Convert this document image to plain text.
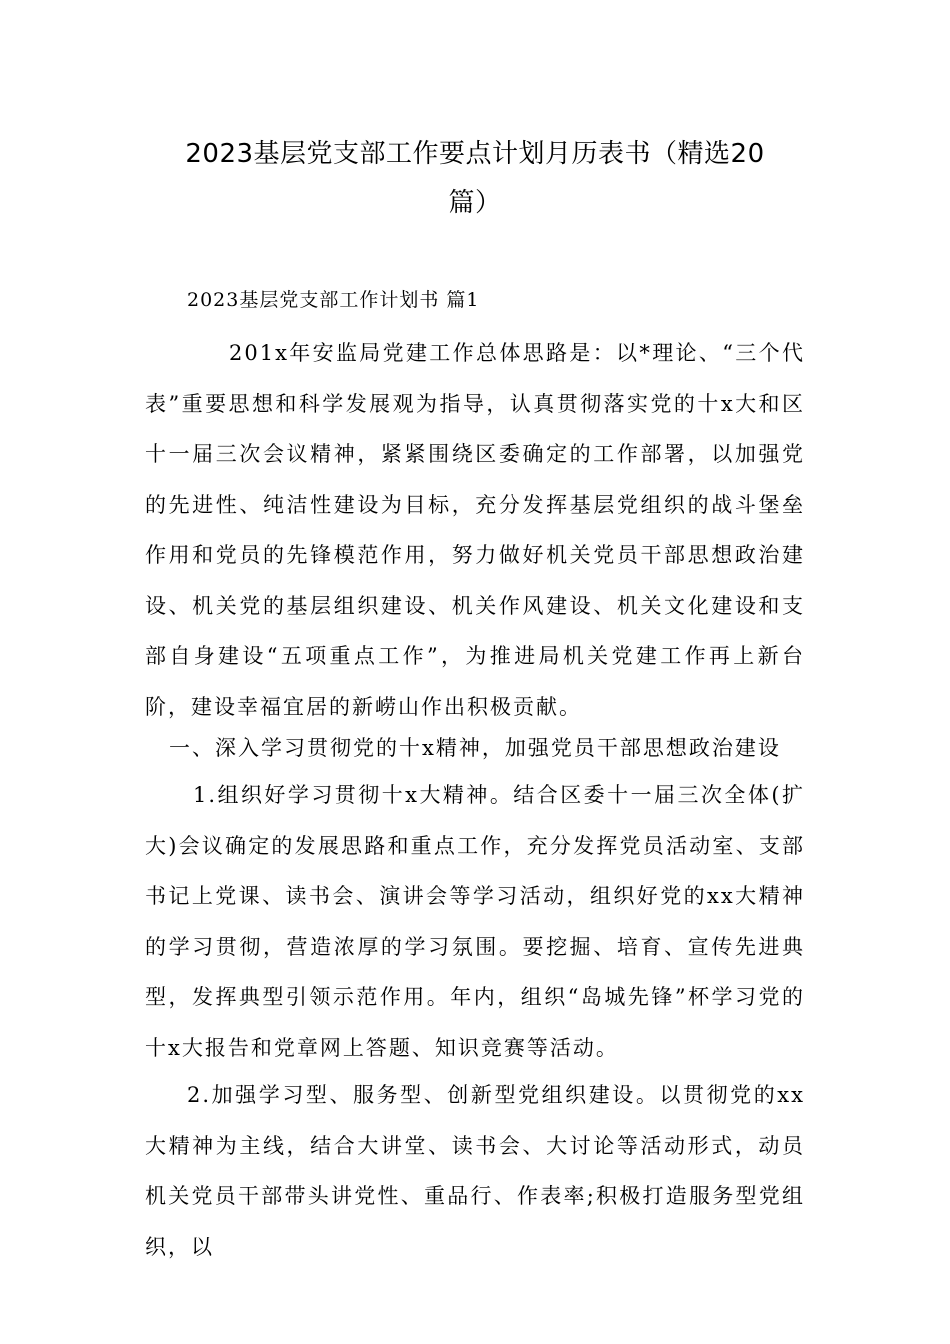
2023基层党支部工作要点计划月历表书（精选20
篇）

2023基层党支部工作计划书 篇1

201x年安监局党建工作总体思路是：以*理论、“三个代表”重要思想和科学发展观为指导，认真贯彻落实党的十x大和区十一届三次会议精神，紧紧围绕区委确定的工作部署，以加强党的先进性、纯洁性建设为目标，充分发挥基层党组织的战斗堡垒作用和党员的先锋模范作用，努力做好机关党员干部思想政治建设、机关党的基层组织建设、机关作风建设、机关文化建设和支部自身建设“五项重点工作”，为推进局机关党建工作再上新台阶，建设幸福宜居的新崂山作出积极贡献。

一、深入学习贯彻党的十x精神，加强党员干部思想政治建设

1.组织好学习贯彻十x大精神。结合区委十一届三次全体(扩大)会议确定的发展思路和重点工作，充分发挥党员活动室、支部书记上党课、读书会、演讲会等学习活动，组织好党的xx大精神的学习贯彻，营造浓厚的学习氛围。要挖掘、培育、宣传先进典型，发挥典型引领示范作用。年内，组织“岛城先锋”杯学习党的十x大报告和党章网上答题、知识竞赛等活动。

2.加强学习型、服务型、创新型党组织建设。以贯彻党的xx大精神为主线，结合大讲堂、读书会、大讨论等活动形式，动员机关党员干部带头讲党性、重品行、作表率;积极打造服务型党组织，以
